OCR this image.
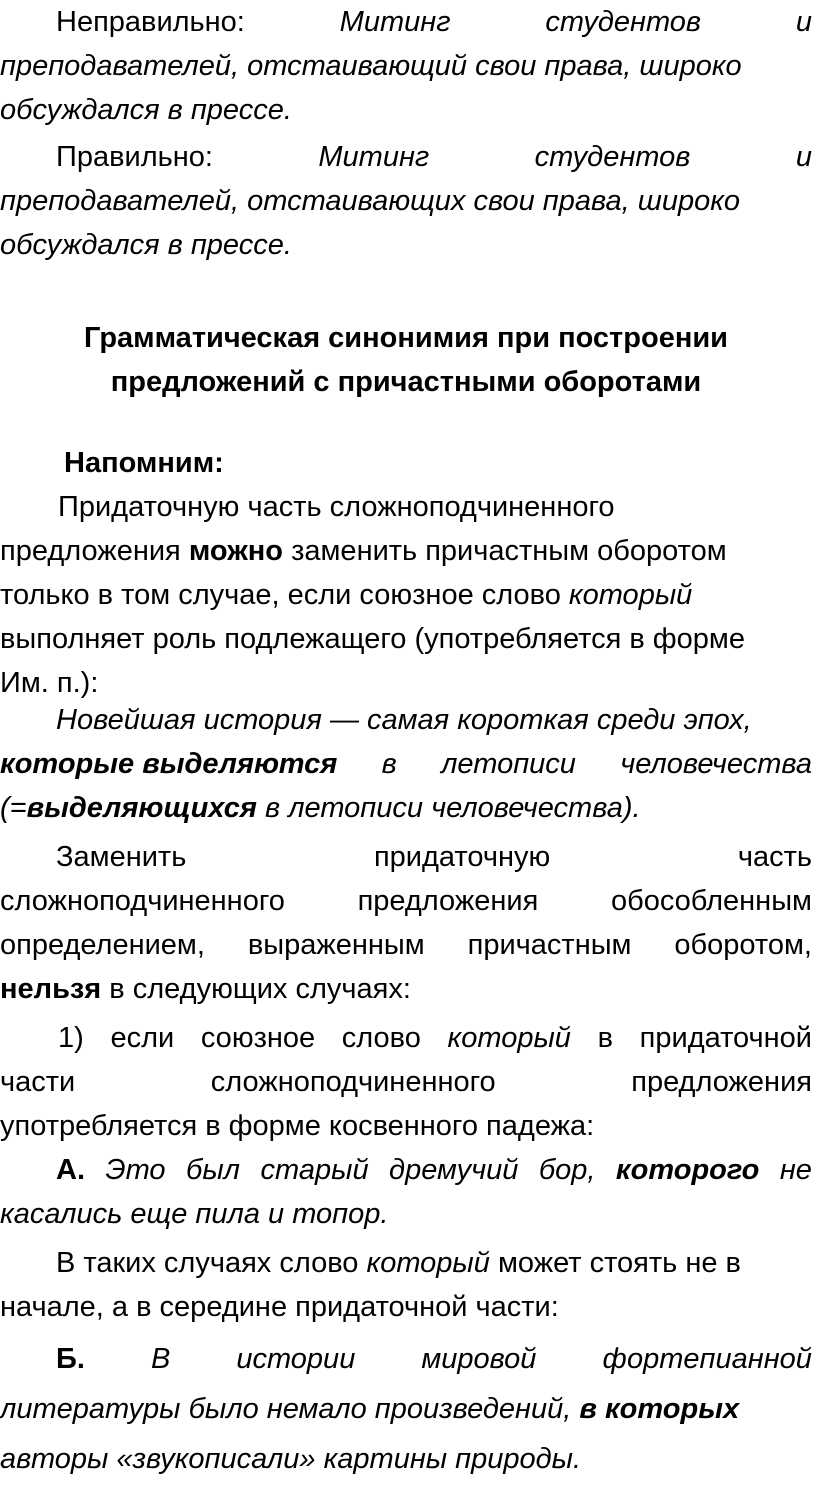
Неправильно:	Митинг	студентов	и
преподавателей, отстаивающий свои права, широко
обсуждался в прессе.
Правильно:	Митинг	студентов	и
преподавателей, отстаивающих свои права, широко
обсуждался в прессе.
Грамматическая синонимия при построении
предложений с причастными оборотами
Напомним:
Придаточную часть сложноподчиненного
предложения можно заменить причастным оборотом
только в том случае, если союзное слово который
выполняет роль подлежащего (употребляется в форме
Им. п.):
Новейшая история — самая короткая среди эпох,
которые выделяются в летописи человечества
(=выделяющихся в летописи человечества).
Заменить	придаточную	часть
сложноподчиненного	предложения	обособленным
определением, выраженным причастным оборотом,
нельзя в следующих случаях:
1) если союзное слово который в придаточной
части	сложноподчиненного	предложения
употребляется в форме косвенного падежа:
А. Это был старый дремучий бор, которого не
касались еще пила и топор.
В таких случаях слово который может стоять не в
начале, а в середине придаточной части:
Б. В истории мировой фортепианной
литературы было немало произведений, в которых
авторы «звукописали» картины природы.
